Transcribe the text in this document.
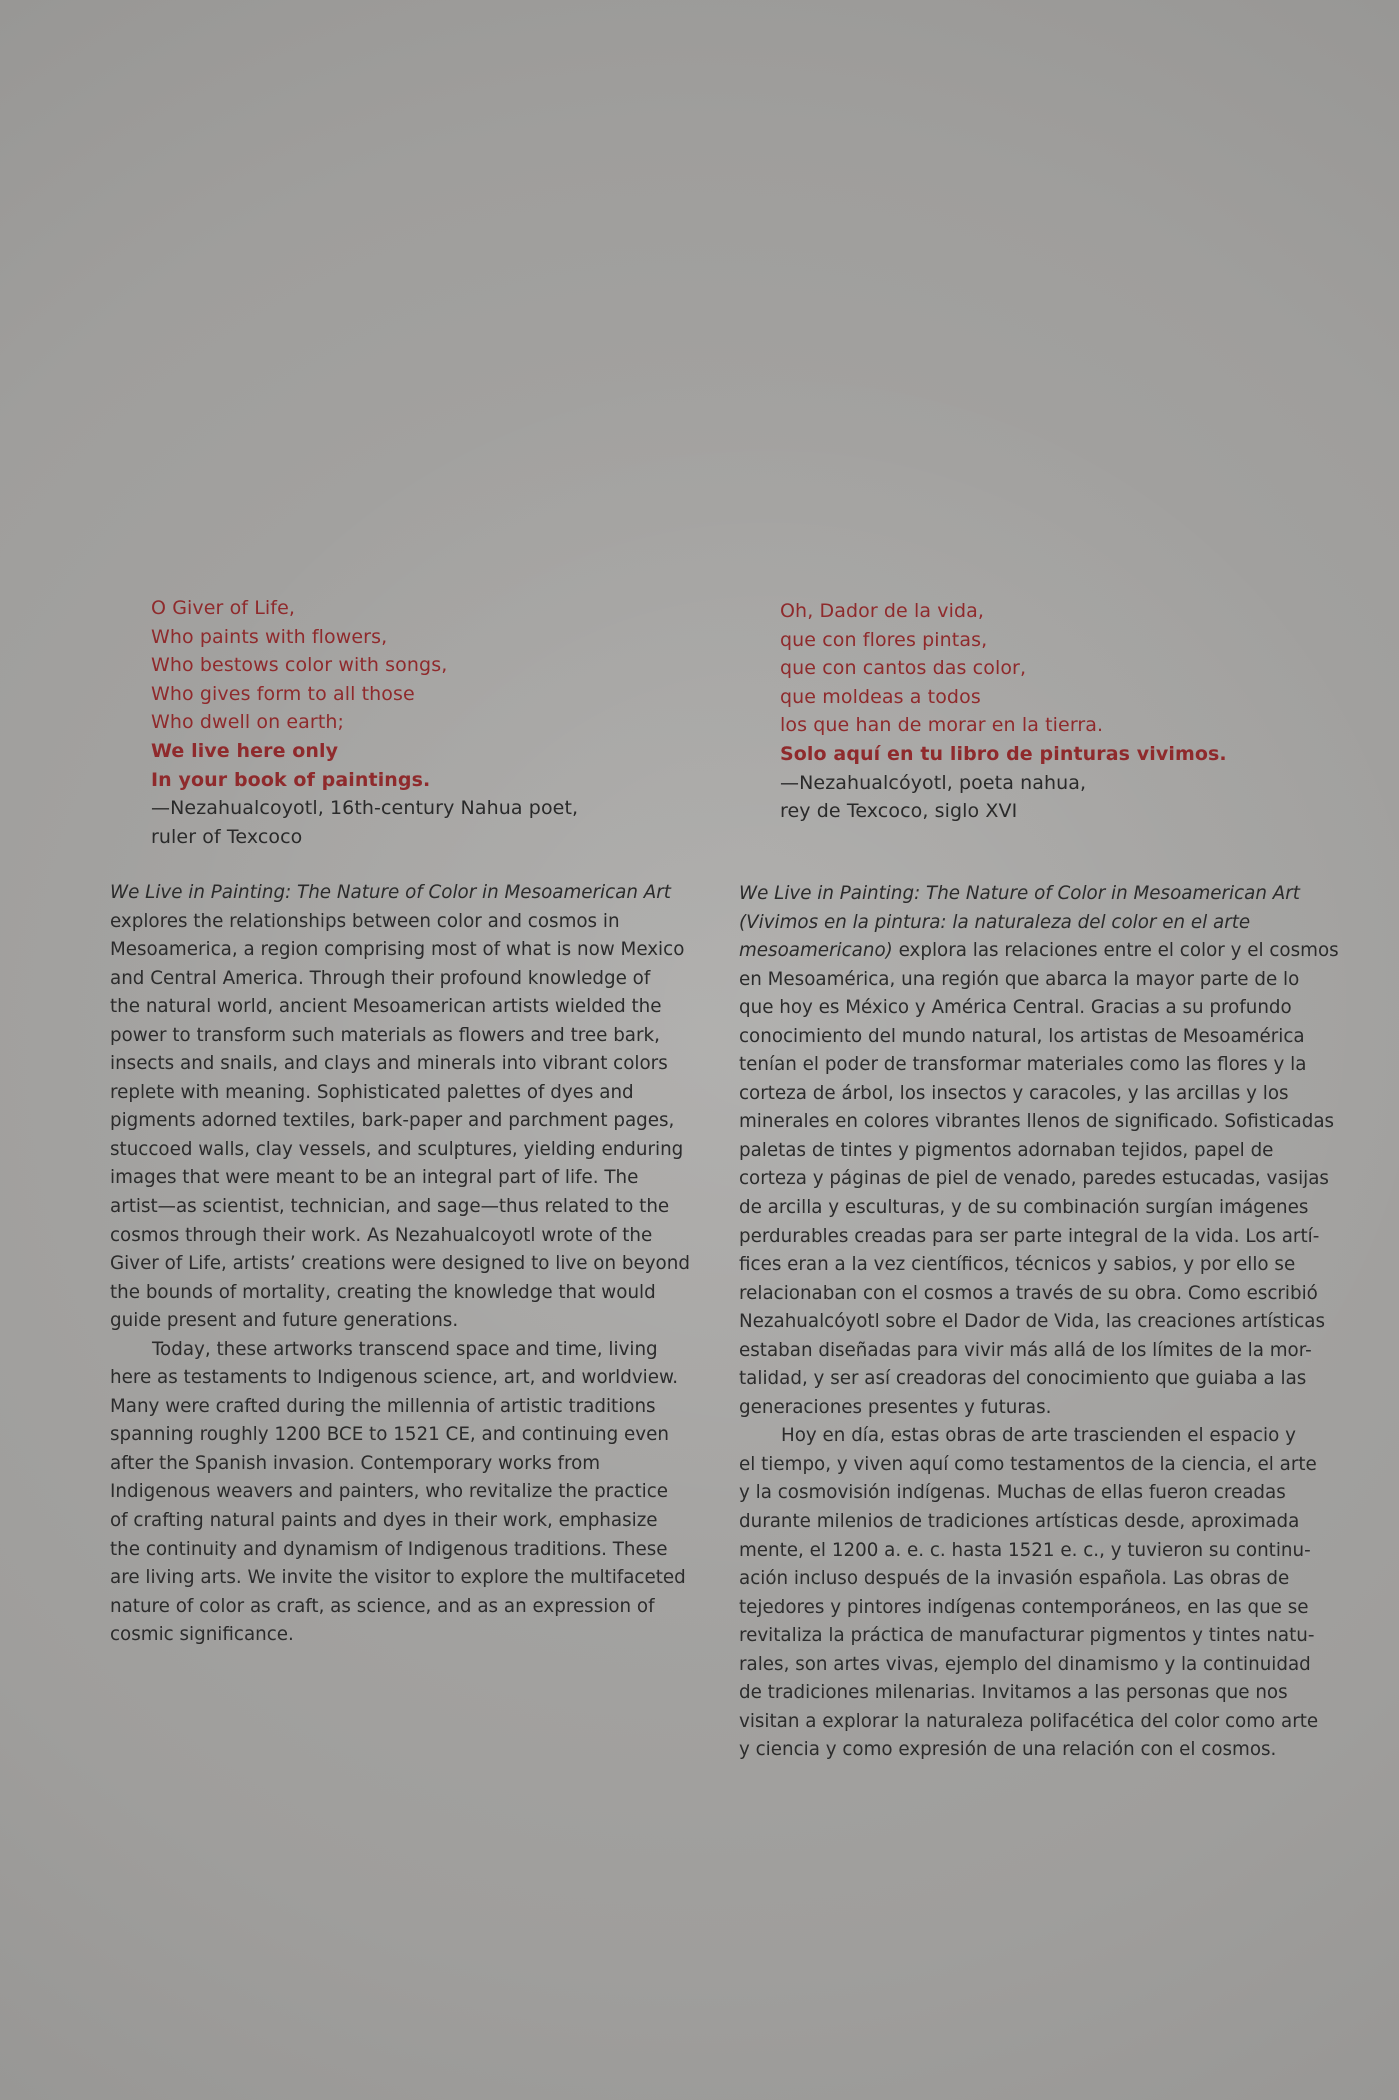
O Giver of Life,
Who paints with flowers,
Who bestows color with songs,
Who gives form to all those
Who dwell on earth;
We live here only
In your book of paintings.
—Nezahualcoyotl, 16th-century Nahua poet,
ruler of Texcoco
Oh, Dador de la vida,
que con flores pintas,
que con cantos das color,
que moldeas a todos
los que han de morar en la tierra.
Solo aquí en tu libro de pinturas vivimos.
—Nezahualcóyotl, poeta nahua,
rey de Texcoco, siglo XVI
We Live in Painting: The Nature of Color in Mesoamerican Art
explores the relationships between color and cosmos in
Mesoamerica, a region comprising most of what is now Mexico
and Central America. Through their profound knowledge of
the natural world, ancient Mesoamerican artists wielded the
power to transform such materials as flowers and tree bark,
insects and snails, and clays and minerals into vibrant colors
replete with meaning. Sophisticated palettes of dyes and
pigments adorned textiles, bark-paper and parchment pages,
stuccoed walls, clay vessels, and sculptures, yielding enduring
images that were meant to be an integral part of life. The
artist—as scientist, technician, and sage—thus related to the
cosmos through their work. As Nezahualcoyotl wrote of the
Giver of Life, artists’ creations were designed to live on beyond
the bounds of mortality, creating the knowledge that would
guide present and future generations.
Today, these artworks transcend space and time, living
here as testaments to Indigenous science, art, and worldview.
Many were crafted during the millennia of artistic traditions
spanning roughly 1200 BCE to 1521 CE, and continuing even
after the Spanish invasion. Contemporary works from
Indigenous weavers and painters, who revitalize the practice
of crafting natural paints and dyes in their work, emphasize
the continuity and dynamism of Indigenous traditions. These
are living arts. We invite the visitor to explore the multifaceted
nature of color as craft, as science, and as an expression of
cosmic significance.
We Live in Painting: The Nature of Color in Mesoamerican Art
(Vivimos en la pintura: la naturaleza del color en el arte
mesoamericano) explora las relaciones entre el color y el cosmos
en Mesoamérica, una región que abarca la mayor parte de lo
que hoy es México y América Central. Gracias a su profundo
conocimiento del mundo natural, los artistas de Mesoamérica
tenían el poder de transformar materiales como las flores y la
corteza de árbol, los insectos y caracoles, y las arcillas y los
minerales en colores vibrantes llenos de significado. Sofisticadas
paletas de tintes y pigmentos adornaban tejidos, papel de
corteza y páginas de piel de venado, paredes estucadas, vasijas
de arcilla y esculturas, y de su combinación surgían imágenes
perdurables creadas para ser parte integral de la vida. Los artí-
fices eran a la vez científicos, técnicos y sabios, y por ello se
relacionaban con el cosmos a través de su obra. Como escribió
Nezahualcóyotl sobre el Dador de Vida, las creaciones artísticas
estaban diseñadas para vivir más allá de los límites de la mor-
talidad, y ser así creadoras del conocimiento que guiaba a las
generaciones presentes y futuras.
Hoy en día, estas obras de arte trascienden el espacio y
el tiempo, y viven aquí como testamentos de la ciencia, el arte
y la cosmovisión indígenas. Muchas de ellas fueron creadas
durante milenios de tradiciones artísticas desde, aproximada
mente, el 1200 a. e. c. hasta 1521 e. c., y tuvieron su continu-
ación incluso después de la invasión española. Las obras de
tejedores y pintores indígenas contemporáneos, en las que se
revitaliza la práctica de manufacturar pigmentos y tintes natu-
rales, son artes vivas, ejemplo del dinamismo y la continuidad
de tradiciones milenarias. Invitamos a las personas que nos
visitan a explorar la naturaleza polifacética del color como arte
y ciencia y como expresión de una relación con el cosmos.
